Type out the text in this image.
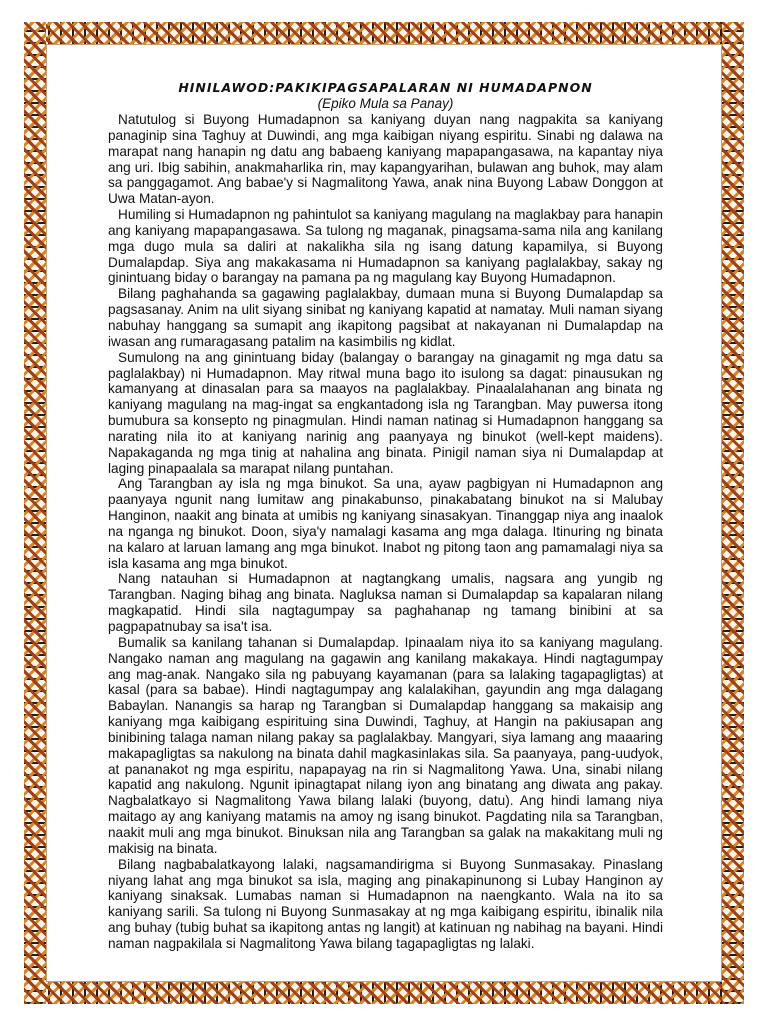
HINILAWOD:PAKIKIPAGSAPALARAN NI HUMADAPNON

(Epiko Mula sa Panay)

Natutulog si Buyong Humadapnon sa kaniyang duyan nang nagpakita sa kaniyang panaginip sina Taghuy at Duwindi, ang mga kaibigan niyang espiritu. Sinabi ng dalawa na marapat nang hanapin ng datu ang babaeng kaniyang mapapangasawa, na kapantay niya ang uri. Ibig sabihin, anakmaharlika rin, may kapangyarihan, bulawan ang buhok, may alam sa panggagamot. Ang babae'y si Nagmalitong Yawa, anak nina Buyong Labaw Donggon at Uwa Matan-ayon.

Humiling si Humadapnon ng pahintulot sa kaniyang magulang na maglakbay para hanapin ang kaniyang mapapangasawa. Sa tulong ng maganak, pinagsama-sama nila ang kanilang mga dugo mula sa daliri at nakalikha sila ng isang datung kapamilya, si Buyong Dumalapdap. Siya ang makakasama ni Humadapnon sa kaniyang paglalakbay, sakay ng ginintuang biday o barangay na pamana pa ng magulang kay Buyong Humadapnon.

Bilang paghahanda sa gagawing paglalakbay, dumaan muna si Buyong Dumalapdap sa pagsasanay. Anim na ulit siyang sinibat ng kaniyang kapatid at namatay. Muli naman siyang nabuhay hanggang sa sumapit ang ikapitong pagsibat at nakayanan ni Dumalapdap na iwasan ang rumaragasang patalim na kasimbilis ng kidlat.

Sumulong na ang ginintuang biday (balangay o barangay na ginagamit ng mga datu sa paglalakbay) ni Humadapnon. May ritwal muna bago ito isulong sa dagat: pinausukan ng kamanyang at dinasalan para sa maayos na paglalakbay. Pinaalalahanan ang binata ng kaniyang magulang na mag-ingat sa engkantadong isla ng Tarangban. May puwersa itong bumubura sa konsepto ng pinagmulan. Hindi naman natinag si Humadapnon hanggang sa narating nila ito at kaniyang narinig ang paanyaya ng binukot (well-kept maidens). Napakaganda ng mga tinig at nahalina ang binata. Pinigil naman siya ni Dumalapdap at laging pinapaalala sa marapat nilang puntahan.

Ang Tarangban ay isla ng mga binukot. Sa una, ayaw pagbigyan ni Humadapnon ang paanyaya ngunit nang lumitaw ang pinakabunso, pinakabatang binukot na si Malubay Hanginon, naakit ang binata at umibis ng kaniyang sinasakyan. Tinanggap niya ang inaalok na nganga ng binukot. Doon, siya'y namalagi kasama ang mga dalaga. Itinuring ng binata na kalaro at laruan lamang ang mga binukot. Inabot ng pitong taon ang pamamalagi niya sa isla kasama ang mga binukot.

Nang natauhan si Humadapnon at nagtangkang umalis, nagsara ang yungib ng Tarangban. Naging bihag ang binata. Nagluksa naman si Dumalapdap sa kapalaran nilang magkapatid. Hindi sila nagtagumpay sa paghahanap ng tamang binibini at sa pagpapatnubay sa isa't isa.

Bumalik sa kanilang tahanan si Dumalapdap. Ipinaalam niya ito sa kaniyang magulang. Nangako naman ang magulang na gagawin ang kanilang makakaya. Hindi nagtagumpay ang mag-anak. Nangako sila ng pabuyang kayamanan (para sa lalaking tagapagligtas) at kasal (para sa babae). Hindi nagtagumpay ang kalalakihan, gayundin ang mga dalagang Babaylan. Nanangis sa harap ng Tarangban si Dumalapdap hanggang sa makaisip ang kaniyang mga kaibigang espirituing sina Duwindi, Taghuy, at Hangin na pakiusapan ang binibining talaga naman nilang pakay sa paglalakbay. Mangyari, siya lamang ang maaaring makapagligtas sa nakulong na binata dahil magkasinlakas sila. Sa paanyaya, pang-uudyok, at pananakot ng mga espiritu, napapayag na rin si Nagmalitong Yawa. Una, sinabi nilang kapatid ang nakulong. Ngunit ipinagtapat nilang iyon ang binatang ang diwata ang pakay. Nagbalatkayo si Nagmalitong Yawa bilang lalaki (buyong, datu). Ang hindi lamang niya maitago ay ang kaniyang matamis na amoy ng isang binukot. Pagdating nila sa Tarangban, naakit muli ang mga binukot. Binuksan nila ang Tarangban sa galak na makakitang muli ng makisig na binata.

Bilang nagbabalatkayong lalaki, nagsamandirigma si Buyong Sunmasakay. Pinaslang niyang lahat ang mga binukot sa isla, maging ang pinakapinunong si Lubay Hanginon ay kaniyang sinaksak. Lumabas naman si Humadapnon na naengkanto. Wala na ito sa kaniyang sarili. Sa tulong ni Buyong Sunmasakay at ng mga kaibigang espiritu, ibinalik nila ang buhay (tubig buhat sa ikapitong antas ng langit) at katinuan ng nabihag na bayani. Hindi naman nagpakilala si Nagmalitong Yawa bilang tagapagligtas ng lalaki.
